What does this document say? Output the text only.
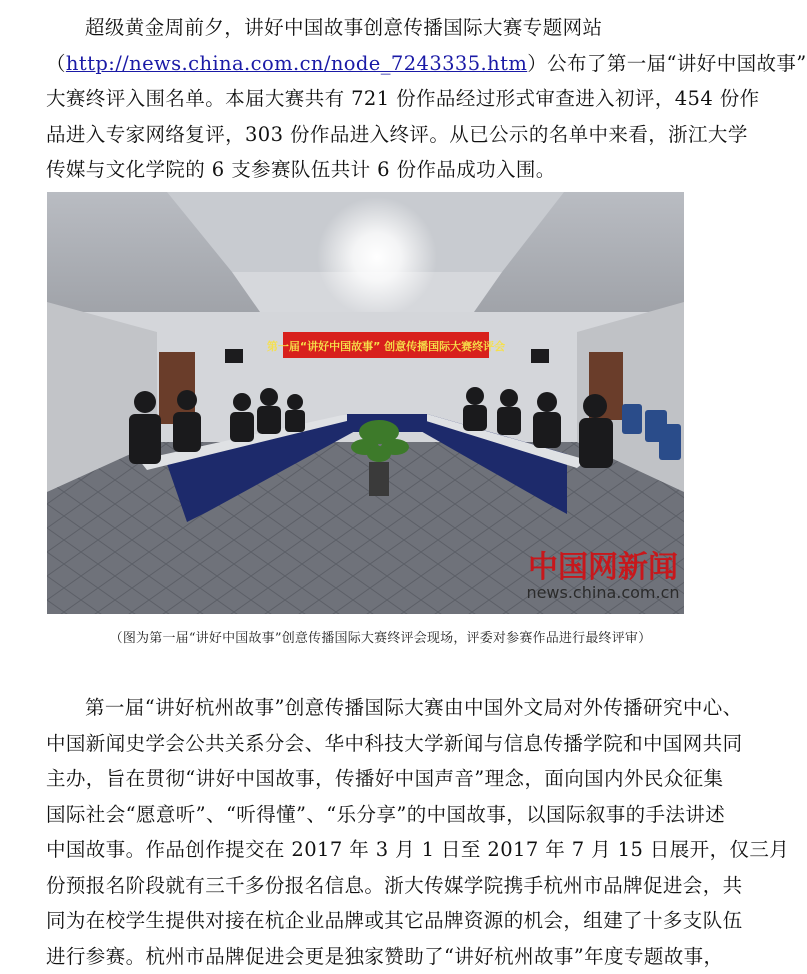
超级黄金周前夕，讲好中国故事创意传播国际大赛专题网站
（http://news.china.com.cn/node_7243335.htm）公布了第一届“讲好中国故事”
大赛终评入围名单。本届大赛共有 721 份作品经过形式审查进入初评，454 份作
品进入专家网络复评，303 份作品进入终评。从已公示的名单中来看，浙江大学
传媒与文化学院的 6 支参赛队伍共计 6 份作品成功入围。
第一届“讲好中国故事” 创意传播国际大赛终评会
中国网新闻
news.china.com.cn
（图为第一届“讲好中国故事”创意传播国际大赛终评会现场，评委对参赛作品进行最终评审）
第一届“讲好杭州故事”创意传播国际大赛由中国外文局对外传播研究中心、
中国新闻史学会公共关系分会、华中科技大学新闻与信息传播学院和中国网共同
主办，旨在贯彻“讲好中国故事，传播好中国声音”理念，面向国内外民众征集
国际社会“愿意听”、“听得懂”、“乐分享”的中国故事，以国际叙事的手法讲述
中国故事。作品创作提交在 2017 年 3 月 1 日至 2017 年 7 月 15 日展开，仅三月
份预报名阶段就有三千多份报名信息。浙大传媒学院携手杭州市品牌促进会，共
同为在校学生提供对接在杭企业品牌或其它品牌资源的机会，组建了十多支队伍
进行参赛。杭州市品牌促进会更是独家赞助了“讲好杭州故事”年度专题故事，
